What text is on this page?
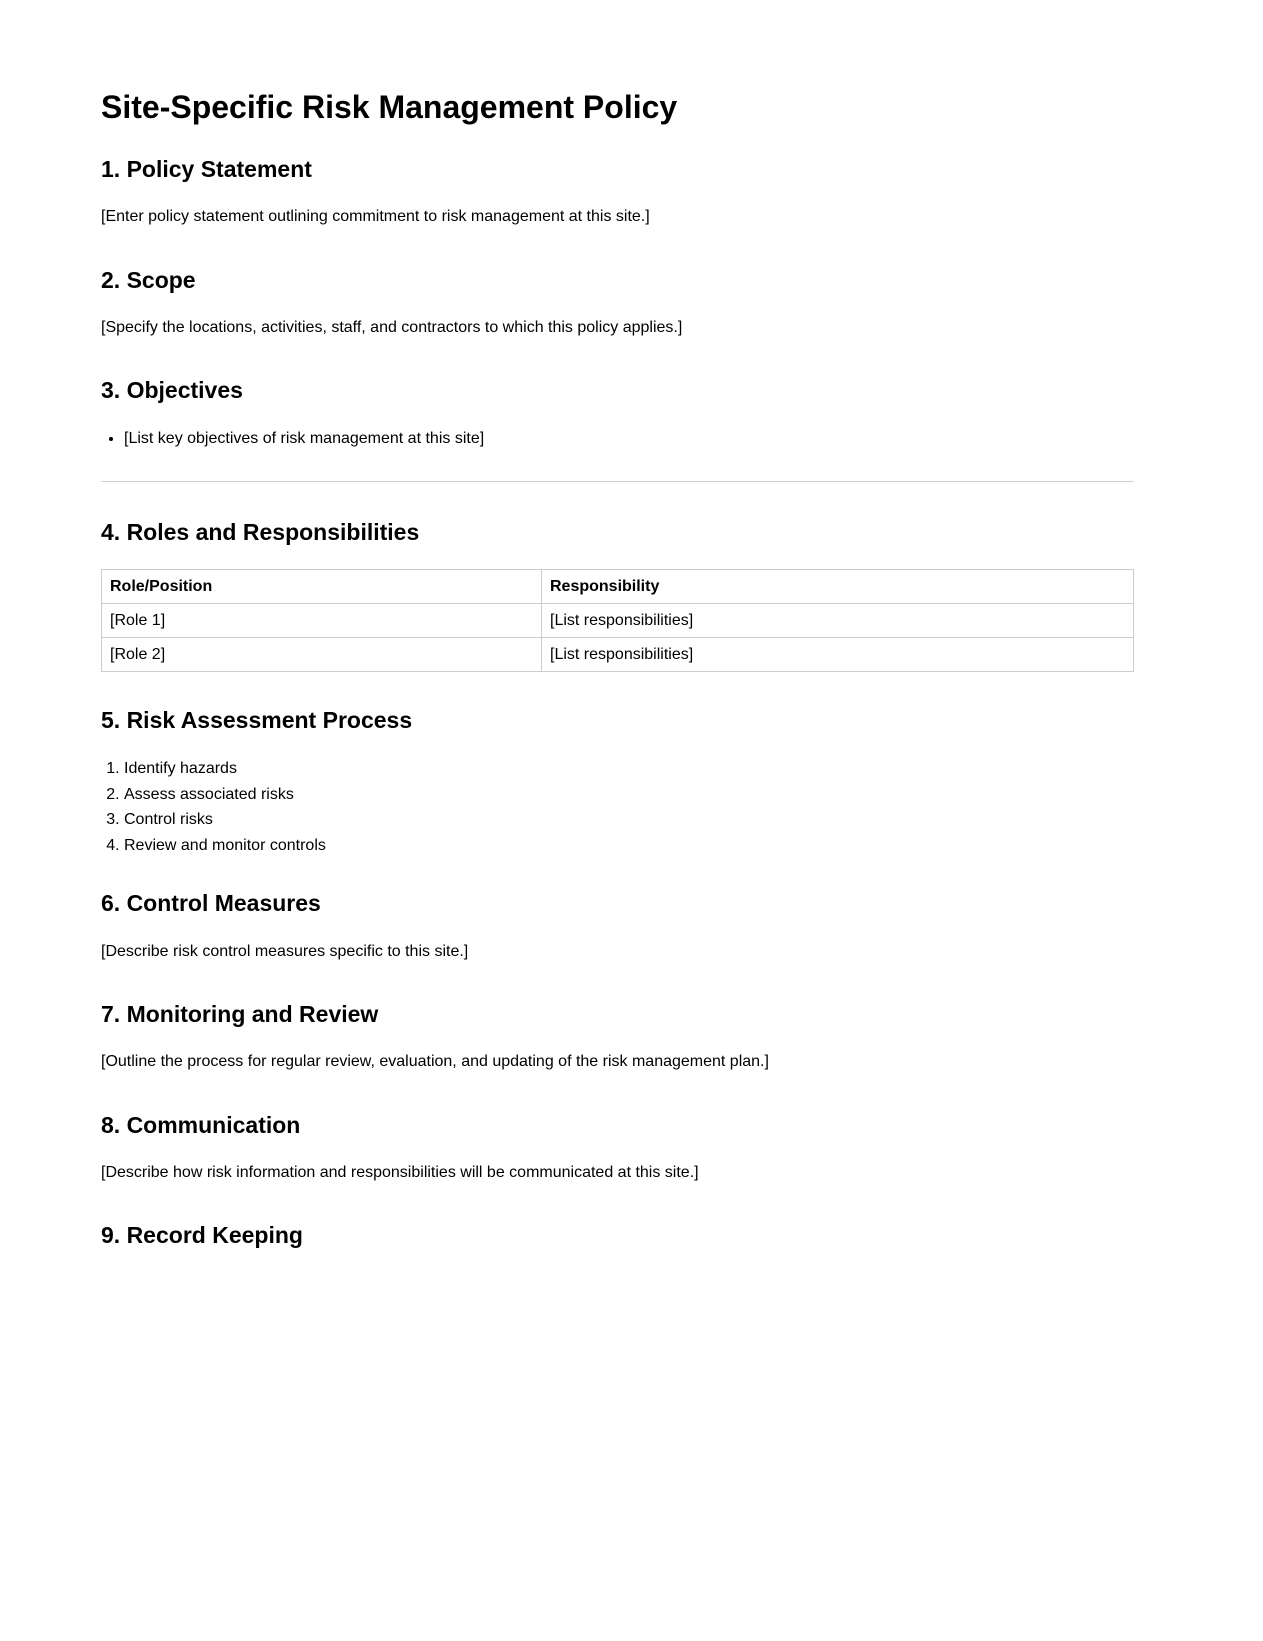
Site-Specific Risk Management Policy
1. Policy Statement

[Enter policy statement outlining commitment to risk management at this site.]

2. Scope

[Specify the locations, activities, staff, and contractors to which this policy applies.]

3. Objectives
• [List key objectives of risk management at this site]
4. Roles and Responsibilities
Role/Position	Responsibility
[Role 1]	[List responsibilities]
[Role 2]	[List responsibilities]
5. Risk Assessment Process
1. Identify hazards
2. Assess associated risks
3. Control risks
4. Review and monitor controls
6. Control Measures

[Describe risk control measures specific to this site.]

7. Monitoring and Review

[Outline the process for regular review, evaluation, and updating of the risk management plan.]

8. Communication

[Describe how risk information and responsibilities will be communicated at this site.]

9. Record Keeping
